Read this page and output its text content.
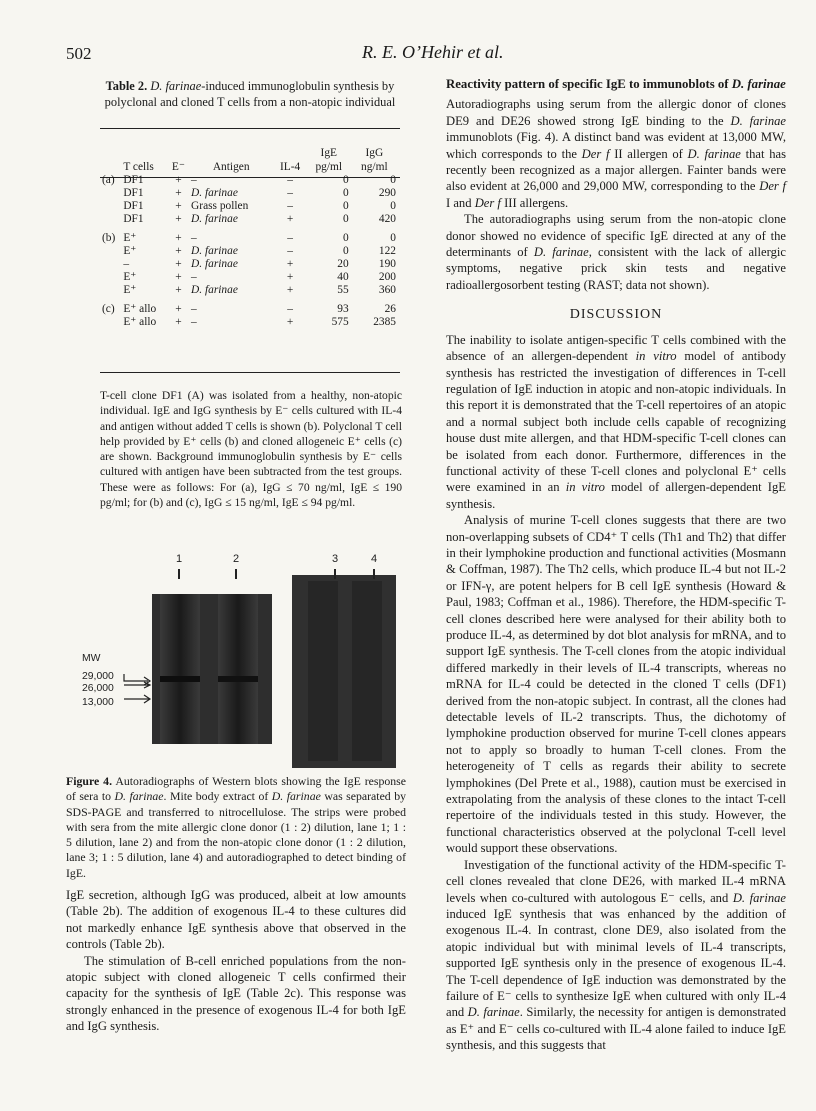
502	R. E. O’Hehir et al.
Table 2. D. farinae-induced immunoglobulin synthesis by polyclonal and cloned T cells from a non-atopic individual
	T cells	E⁻	Antigen	IL-4	IgE pg/ml	IgG ng/ml
(a)	DF1	+	–	–	0	0
	DF1	+	D. farinae	–	0	290
	DF1	+	Grass pollen	–	0	0
	DF1	+	D. farinae	+	0	420

(b)	E⁺	+	–	–	0	0
	E⁺	+	D. farinae	–	0	122
	–	+	D. farinae	+	20	190
	E⁺	+	–	+	40	200
	E⁺	+	D. farinae	+	55	360

(c)	E⁺ allo	+	–	–	93	26
	E⁺ allo	+	–	+	575	2385
T-cell clone DF1 (A) was isolated from a healthy, non-atopic individual. IgE and IgG synthesis by E⁻ cells cultured with IL-4 and antigen without added T cells is shown (b). Polyclonal T cell help provided by E⁺ cells (b) and cloned allogeneic E⁺ cells (c) are shown. Background immunoglobulin synthesis by E⁻ cells cultured with antigen have been subtracted from the test groups. These were as follows: For (a), IgG ≤ 70 ng/ml, IgE ≤ 190 pg/ml; for (b) and (c), IgG ≤ 15 ng/ml, IgE ≤ 94 pg/ml.
1	2	3	4
MW
29,000
26,000
13,000
Figure 4. Autoradiographs of Western blots showing the IgE response of sera to D. farinae. Mite body extract of D. farinae was separated by SDS-PAGE and transferred to nitrocellulose. The strips were probed with sera from the mite allergic clone donor (1 : 2) dilution, lane 1; 1 : 5 dilution, lane 2) and from the non-atopic clone donor (1 : 2 dilution, lane 3; 1 : 5 dilution, lane 4) and autoradiographed to detect binding of IgE.

IgE secretion, although IgG was produced, albeit at low amounts (Table 2b). The addition of exogenous IL-4 to these cultures did not markedly enhance IgE synthesis above that observed in the controls (Table 2b).

The stimulation of B-cell enriched populations from the non-atopic subject with cloned allogeneic T cells confirmed their capacity for the synthesis of IgE (Table 2c). This response was strongly enhanced in the presence of exogenous IL-4 for both IgE and IgG synthesis.

Reactivity pattern of specific IgE to immunoblots of D. farinae

Autoradiographs using serum from the allergic donor of clones DE9 and DE26 showed strong IgE binding to the D. farinae immunoblots (Fig. 4). A distinct band was evident at 13,000 MW, which corresponds to the Der f II allergen of D. farinae that has recently been recognized as a major allergen. Fainter bands were also evident at 26,000 and 29,000 MW, corresponding to the Der f I and Der f III allergens.

The autoradiographs using serum from the non-atopic clone donor showed no evidence of specific IgE directed at any of the determinants of D. farinae, consistent with the lack of allergic symptoms, negative prick skin tests and negative radioallergosorbent testing (RAST; data not shown).

DISCUSSION

The inability to isolate antigen-specific T cells combined with the absence of an allergen-dependent in vitro model of antibody synthesis has restricted the investigation of differences in T-cell regulation of IgE induction in atopic and non-atopic individuals. In this report it is demonstrated that the T-cell repertoires of an atopic and a normal subject both include cells capable of recognizing house dust mite allergen, and that HDM-specific T-cell clones can be isolated from each donor. Furthermore, differences in the functional activity of these T-cell clones and polyclonal E⁺ cells were examined in an in vitro model of allergen-dependent IgE synthesis.

Analysis of murine T-cell clones suggests that there are two non-overlapping subsets of CD4⁺ T cells (Th1 and Th2) that differ in their lymphokine production and functional activities (Mosmann & Coffman, 1987). The Th2 cells, which produce IL-4 but not IL-2 or IFN-γ, are potent helpers for B cell IgE synthesis (Howard & Paul, 1983; Coffman et al., 1986). Therefore, the HDM-specific T-cell clones described here were analysed for their ability both to produce IL-4, as determined by dot blot analysis for mRNA, and to support IgE synthesis. The T-cell clones from the atopic individual differed markedly in their levels of IL-4 transcripts, whereas no mRNA for IL-4 could be detected in the cloned T cells (DF1) derived from the non-atopic subject. In contrast, all the clones had detectable levels of IL-2 transcripts. Thus, the dichotomy of lymphokine production observed for murine T-cell clones appears not to apply so broadly to human T-cell clones. From the heterogeneity of T cells as regards their ability to secrete lymphokines (Del Prete et al., 1988), caution must be exercised in extrapolating from the analysis of these clones to the intact T-cell repertoire of the individuals tested in this study. However, the functional characteristics observed at the polyclonal T-cell level would support these observations.

Investigation of the functional activity of the HDM-specific T-cell clones revealed that clone DE26, with marked IL-4 mRNA levels when co-cultured with autologous E⁻ cells, and D. farinae induced IgE synthesis that was enhanced by the addition of exogenous IL-4. In contrast, clone DE9, also isolated from the atopic individual but with minimal levels of IL-4 transcripts, supported IgE synthesis only in the presence of exogenous IL-4. The T-cell dependence of IgE induction was demonstrated by the failure of E⁻ cells to synthesize IgE when cultured with only IL-4 and D. farinae. Similarly, the necessity for antigen is demonstrated as E⁺ and E⁻ cells co-cultured with IL-4 alone failed to induce IgE synthesis, and this suggests that
